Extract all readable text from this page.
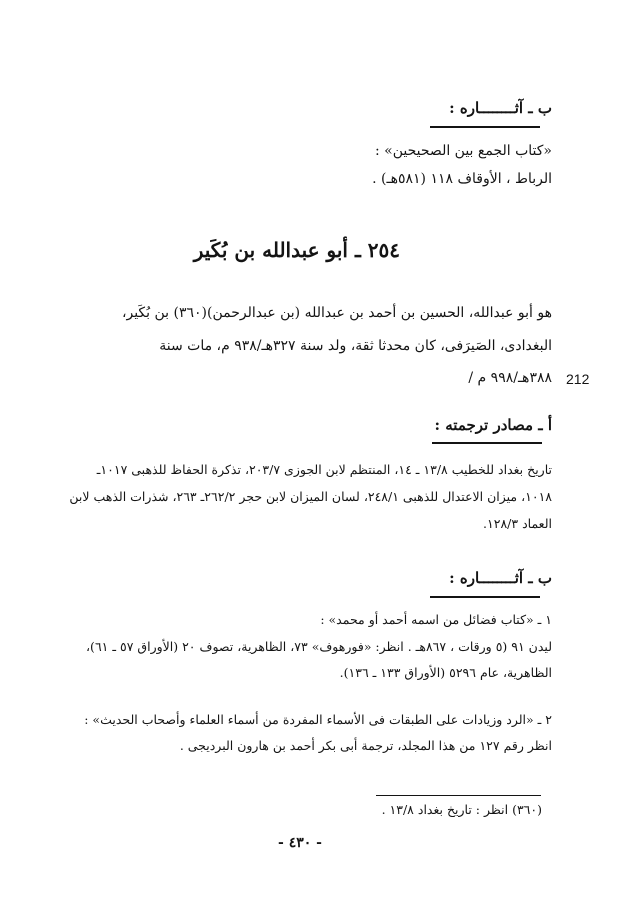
ب ـ آثــــــــاره :
«كتاب الجمع بين الصحيحين» :
الرباط ، الأوقاف ١١٨ (٥٨١هـ) .
٢٥٤ ـ أبو عبدالله بن بُكَير
هو أبو عبدالله، الحسين بن أحمد بن عبدالله (بن عبدالرحمن)(٣٦٠) بن بُكَير،
البغدادى، الصَيرَفى، كان محدثا ثقة، ولد سنة ٣٢٧هـ/٩٣٨ م، مات سنة
٣٨٨هـ/٩٩٨ م / 212
أ ـ مصادر ترجمته :
تاريخ بغداد للخطيب ١٣/٨ ـ ١٤، المنتظم لابن الجوزى ٢٠٣/٧، تذكرة الحفاظ للذهبى ١٠١٧ـ
١٠١٨، ميزان الاعتدال للذهبى ٢٤٨/١، لسان الميزان لابن حجر ٢٦٢/٢ـ ٢٦٣، شذرات الذهب لابن
العماد ١٢٨/٣.
ب ـ آثــــــــاره :
١ ـ «كتاب فضائل من اسمه أحمد أو محمد» :
ليدن ٩١ (٥ ورقات ، ٨٦٧هـ . انظر: «فورهوف» ٧٣، الظاهرية، تصوف ٢٠ (الأوراق ٥٧ ـ ٦١)،
الظاهرية، عام ٥٢٩٦ (الأوراق ١٣٣ ـ ١٣٦).
٢ ـ «الرد وزيادات على الطبقات فى الأسماء المفردة من أسماء العلماء وأصحاب الحديث» :
انظر رقم ١٢٧ من هذا المجلد، ترجمة أبى بكر أحمد بن هارون البرديجى .
(٣٦٠) انظر : تاريخ بغداد ١٣/٨ .
- ٤٣٠ -
